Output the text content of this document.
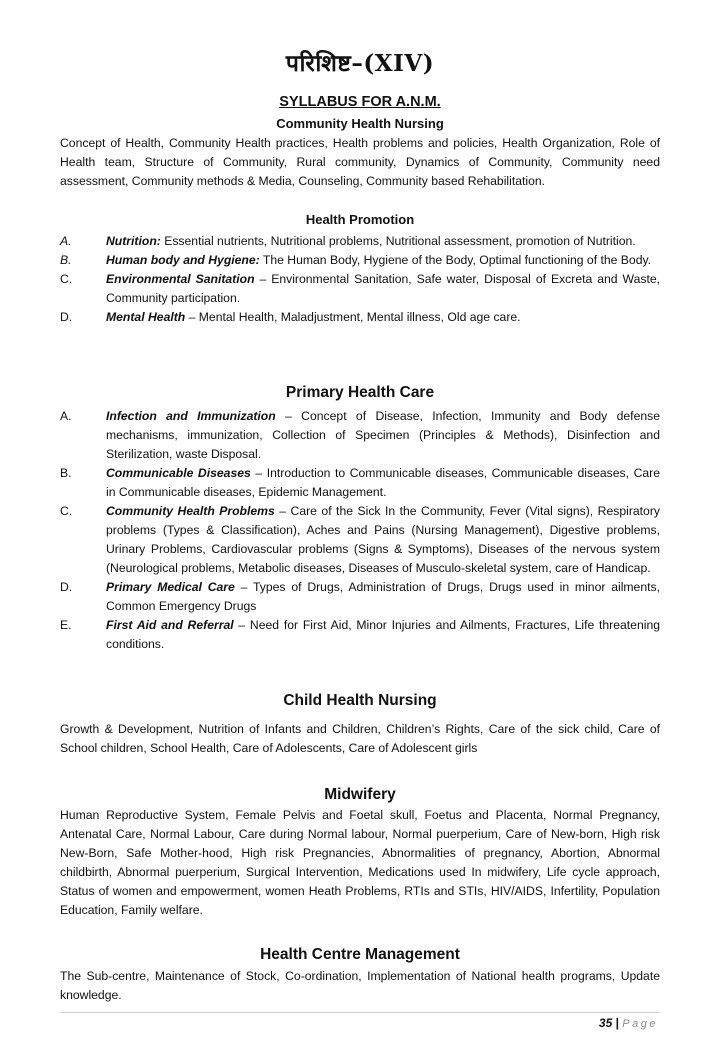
परिशिष्ट–(XIV)
SYLLABUS FOR A.N.M.
Community Health Nursing
Concept of Health, Community Health practices, Health problems and policies, Health Organization, Role of Health team, Structure of Community, Rural community, Dynamics of Community, Community need assessment, Community methods & Media, Counseling, Community based Rehabilitation.
Health Promotion
A.	Nutrition: Essential nutrients, Nutritional problems, Nutritional assessment, promotion of Nutrition.
B.	Human body and Hygiene: The Human Body, Hygiene of the Body, Optimal functioning of the Body.
C.	Environmental Sanitation – Environmental Sanitation, Safe water, Disposal of Excreta and Waste, Community participation.
D.	Mental Health – Mental Health, Maladjustment, Mental illness, Old age care.
Primary Health Care
A.	Infection and Immunization – Concept of Disease, Infection, Immunity and Body defense mechanisms, immunization, Collection of Specimen (Principles & Methods), Disinfection and Sterilization, waste Disposal.
B.	Communicable Diseases – Introduction to Communicable diseases, Communicable diseases, Care in Communicable diseases, Epidemic Management.
C.	Community Health Problems – Care of the Sick In the Community, Fever (Vital signs), Respiratory problems (Types & Classification), Aches and Pains (Nursing Management), Digestive problems, Urinary Problems, Cardiovascular problems (Signs & Symptoms), Diseases of the nervous system (Neurological problems, Metabolic diseases, Diseases of Musculo-skeletal system, care of Handicap.
D.	Primary Medical Care – Types of Drugs, Administration of Drugs, Drugs used in minor ailments, Common Emergency Drugs
E.	First Aid and Referral – Need for First Aid, Minor Injuries and Ailments, Fractures, Life threatening conditions.
Child Health Nursing
Growth & Development, Nutrition of Infants and Children, Children’s Rights, Care of the sick child, Care of School children, School Health, Care of Adolescents, Care of Adolescent girls
Midwifery
Human Reproductive System, Female Pelvis and Foetal skull, Foetus and Placenta, Normal Pregnancy, Antenatal Care, Normal Labour, Care during Normal labour, Normal puerperium, Care of New-born, High risk New-Born, Safe Mother-hood, High risk Pregnancies, Abnormalities of pregnancy, Abortion, Abnormal childbirth, Abnormal puerperium, Surgical Intervention, Medications used In midwifery, Life cycle approach, Status of women and empowerment, women Heath Problems, RTIs and STIs, HIV/AIDS, Infertility, Population Education, Family welfare.
Health Centre Management
The Sub-centre, Maintenance of Stock, Co-ordination, Implementation of National health programs, Update knowledge.
35 | Page
